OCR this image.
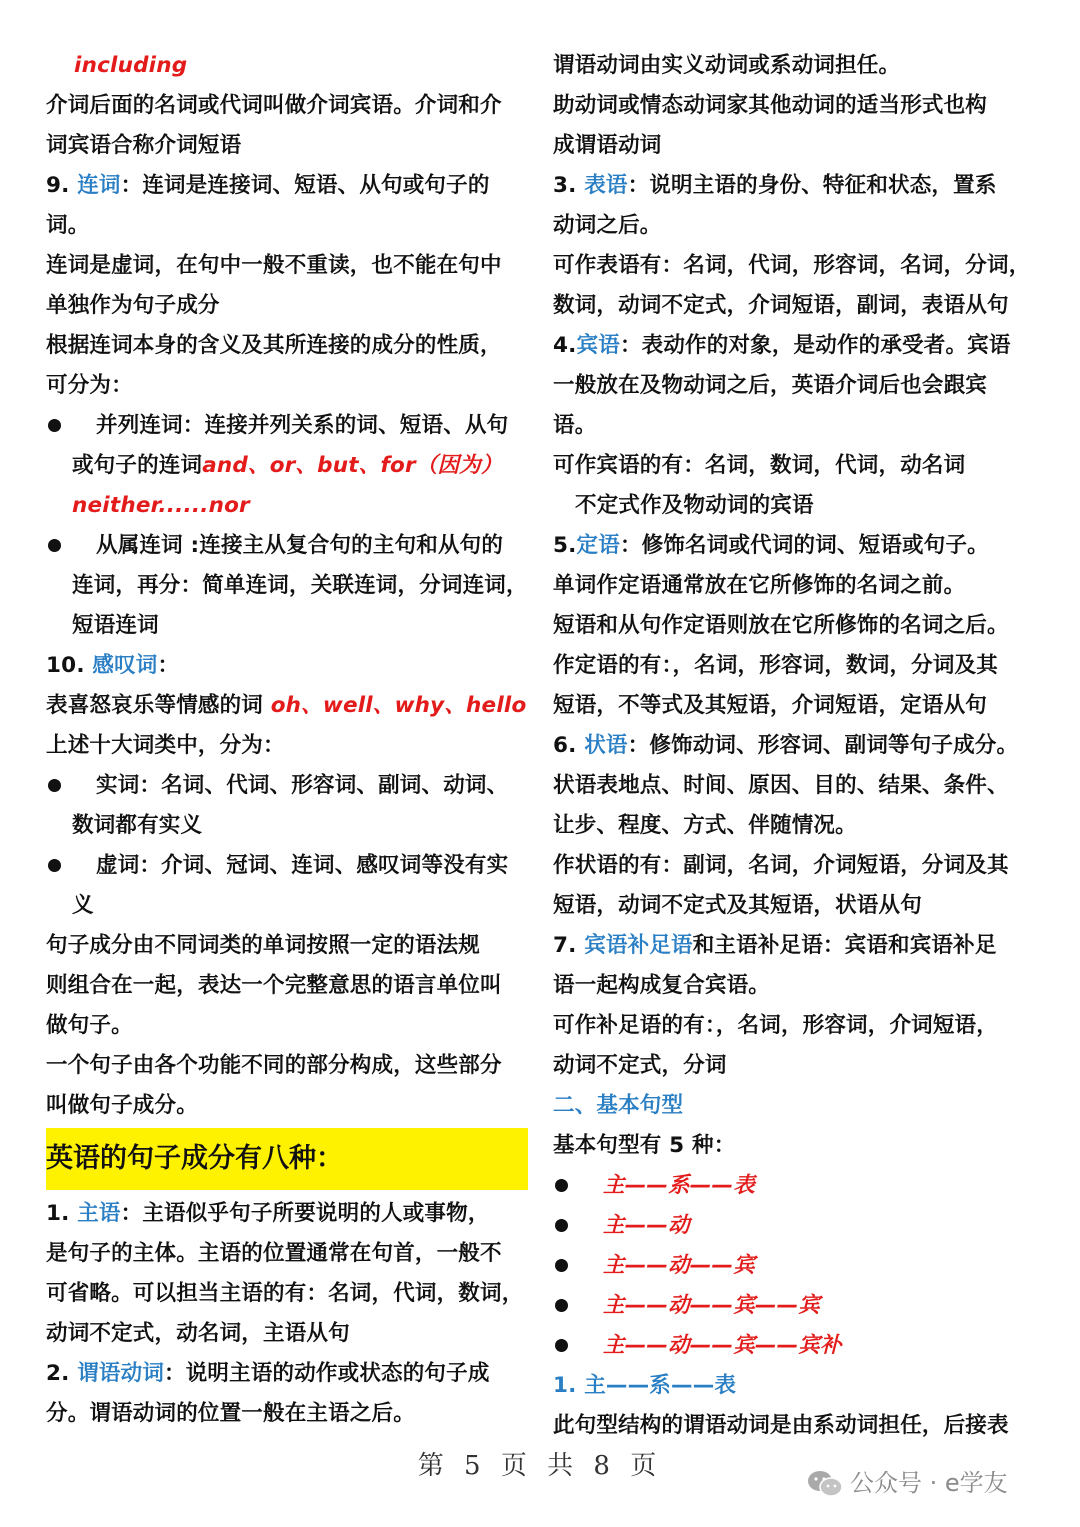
including
介词后面的名词或代词叫做介词宾语。介词和介
词宾语合称介词短语
9. 连词：连词是连接词、短语、从句或句子的
词。
连词是虚词，在句中一般不重读，也不能在句中
单独作为句子成分
根据连词本身的含义及其所连接的成分的性质，
可分为：
并列连词：连接并列关系的词、短语、从句
或句子的连词and、or、but、for（因为）
neither......nor
从属连词 :连接主从复合句的主句和从句的
连词，再分：简单连词，关联连词，分词连词，
短语连词
10. 感叹词：
表喜怒哀乐等情感的词 oh、well、why、hello
上述十大词类中，分为：
实词：名词、代词、形容词、副词、动词、
数词都有实义
虚词：介词、冠词、连词、感叹词等没有实
义
句子成分由不同词类的单词按照一定的语法规
则组合在一起，表达一个完整意思的语言单位叫
做句子。
一个句子由各个功能不同的部分构成，这些部分
叫做句子成分。
英语的句子成分有八种：
1. 主语：主语似乎句子所要说明的人或事物，
是句子的主体。主语的位置通常在句首，一般不
可省略。可以担当主语的有：名词，代词，数词，
动词不定式，动名词，主语从句
2. 谓语动词：说明主语的动作或状态的句子成
分。谓语动词的位置一般在主语之后。
谓语动词由实义动词或系动词担任。
助动词或情态动词家其他动词的适当形式也构
成谓语动词
3. 表语：说明主语的身份、特征和状态，置系
动词之后。
可作表语有：名词，代词，形容词，名词，分词，
数词，动词不定式，介词短语，副词，表语从句
4.宾语：表动作的对象，是动作的承受者。宾语
一般放在及物动词之后，英语介词后也会跟宾
语。
可作宾语的有：名词，数词，代词，动名词
不定式作及物动词的宾语
5.定语：修饰名词或代词的词、短语或句子。
单词作定语通常放在它所修饰的名词之前。
短语和从句作定语则放在它所修饰的名词之后。
作定语的有：，名词，形容词，数词，分词及其
短语，不等式及其短语，介词短语，定语从句
6. 状语：修饰动词、形容词、副词等句子成分。
状语表地点、时间、原因、目的、结果、条件、
让步、程度、方式、伴随情况。
作状语的有：副词，名词，介词短语，分词及其
短语，动词不定式及其短语，状语从句
7. 宾语补足语和主语补足语：宾语和宾语补足
语一起构成复合宾语。
可作补足语的有：，名词，形容词，介词短语，
动词不定式，分词
二、基本句型
基本句型有 5 种：
主——系——表
主——动
主——动——宾
主——动——宾——宾
主——动——宾——宾补
1. 主——系——表
此句型结构的谓语动词是由系动词担任，后接表
第 5 页 共 8 页
公众号 · e学友
